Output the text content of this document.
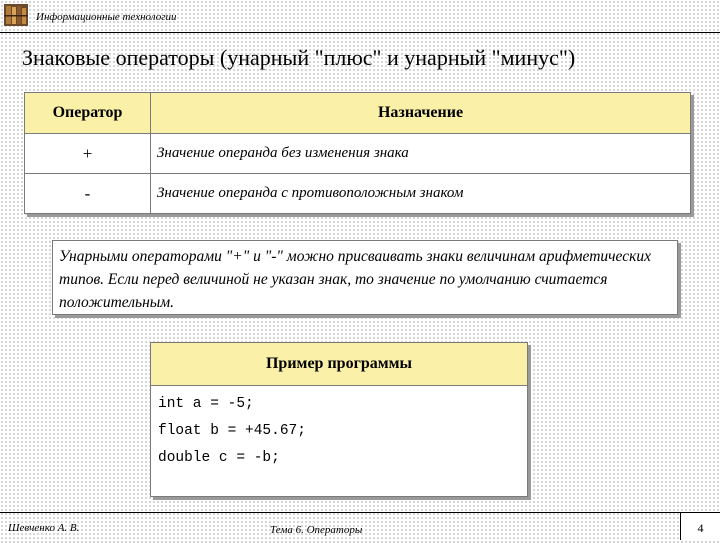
Информационные технологии
Знаковые операторы (унарный "плюс" и унарный "минус")
Оператор	Назначение
+	Значение операнда без изменения знака
-	Значение операнда с противоположным знаком
Унарными операторами "+" и "-" можно присваивать знаки величинам арифметических типов. Если перед величиной не указан знак, то значение по умолчанию считается положительным.
Пример программы
int a = -5;
float b = +45.67;
double c = -b;
Шевченко А. В.	Тема 6. Операторы	4
